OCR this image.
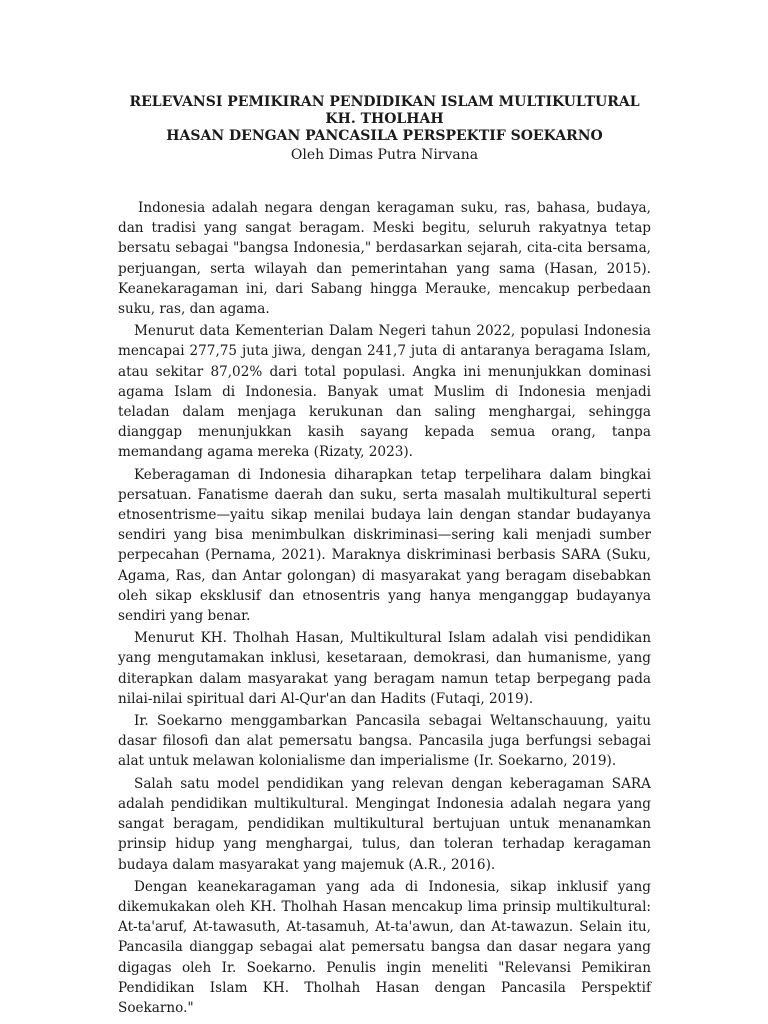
RELEVANSI PEMIKIRAN PENDIDIKAN ISLAM MULTIKULTURAL KH. THOLHAH
HASAN DENGAN PANCASILA PERSPEKTIF SOEKARNO

Oleh Dimas Putra Nirvana

Indonesia adalah negara dengan keragaman suku, ras, bahasa, budaya, dan tradisi yang sangat beragam. Meski begitu, seluruh rakyatnya tetap bersatu sebagai "bangsa Indonesia," berdasarkan sejarah, cita-cita bersama, perjuangan, serta wilayah dan pemerintahan yang sama (Hasan, 2015). Keanekaragaman ini, dari Sabang hingga Merauke, mencakup perbedaan suku, ras, dan agama.

Menurut data Kementerian Dalam Negeri tahun 2022, populasi Indonesia mencapai 277,75 juta jiwa, dengan 241,7 juta di antaranya beragama Islam, atau sekitar 87,02% dari total populasi. Angka ini menunjukkan dominasi agama Islam di Indonesia. Banyak umat Muslim di Indonesia menjadi teladan dalam menjaga kerukunan dan saling menghargai, sehingga dianggap menunjukkan kasih sayang kepada semua orang, tanpa memandang agama mereka (Rizaty, 2023).

Keberagaman di Indonesia diharapkan tetap terpelihara dalam bingkai persatuan. Fanatisme daerah dan suku, serta masalah multikultural seperti etnosentrisme—yaitu sikap menilai budaya lain dengan standar budayanya sendiri yang bisa menimbulkan diskriminasi—sering kali menjadi sumber perpecahan (Pernama, 2021). Maraknya diskriminasi berbasis SARA (Suku, Agama, Ras, dan Antar golongan) di masyarakat yang beragam disebabkan oleh sikap eksklusif dan etnosentris yang hanya menganggap budayanya sendiri yang benar.

Menurut KH. Tholhah Hasan, Multikultural Islam adalah visi pendidikan yang mengutamakan inklusi, kesetaraan, demokrasi, dan humanisme, yang diterapkan dalam masyarakat yang beragam namun tetap berpegang pada nilai-nilai spiritual dari Al-Qur'an dan Hadits (Futaqi, 2019).

Ir. Soekarno menggambarkan Pancasila sebagai Weltanschauung, yaitu dasar filosofi dan alat pemersatu bangsa. Pancasila juga berfungsi sebagai alat untuk melawan kolonialisme dan imperialisme (Ir. Soekarno, 2019).

Salah satu model pendidikan yang relevan dengan keberagaman SARA adalah pendidikan multikultural. Mengingat Indonesia adalah negara yang sangat beragam, pendidikan multikultural bertujuan untuk menanamkan prinsip hidup yang menghargai, tulus, dan toleran terhadap keragaman budaya dalam masyarakat yang majemuk (A.R., 2016).

Dengan keanekaragaman yang ada di Indonesia, sikap inklusif yang dikemukakan oleh KH. Tholhah Hasan mencakup lima prinsip multikultural: At-ta'aruf, At-tawasuth, At-tasamuh, At-ta'awun, dan At-tawazun. Selain itu, Pancasila dianggap sebagai alat pemersatu bangsa dan dasar negara yang digagas oleh Ir. Soekarno. Penulis ingin meneliti "Relevansi Pemikiran Pendidikan Islam KH. Tholhah Hasan dengan Pancasila Perspektif Soekarno."
